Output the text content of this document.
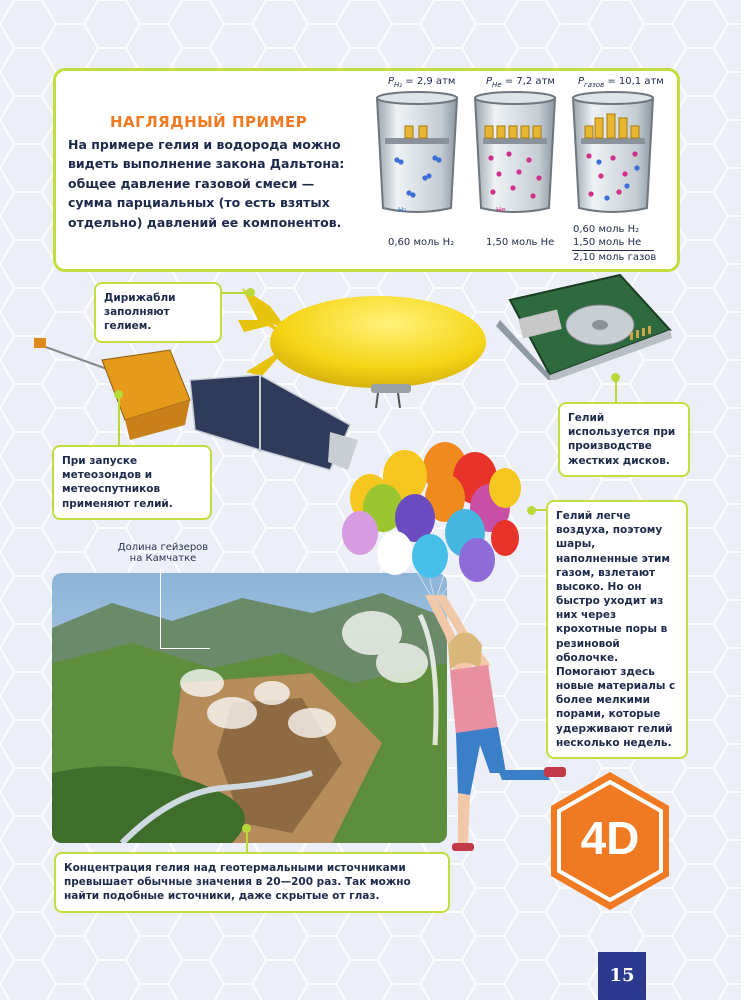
НАГЛЯДНЫЙ ПРИМЕР
На примере гелия и водорода можно видеть выполнение закона Дальтона: общее давление газовой смеси — сумма парциальных (то есть взятых отдельно) давлений ее компонентов.
$P_{H_2} = 2,9$ атм	$P_{He} = 7,2$ атм $P_{газов} = 10,1$ атм
H₂	He
0,60 моль H₂	1,50 моль He
0,60 моль H₂
1,50 моль He
2,10 моль газов
Долина гейзеров
на Камчатке
Дирижабли заполняют гелием.
При запуске метеозондов и метеоспутников применяют гелий.
Гелий используется при производстве жестких дисков.
Гелий легче воздуха, поэтому шары, наполненные этим газом, взлетают высоко. Но он быстро уходит из них через крохотные поры в резиновой оболочке. Помогают здесь новые материалы с более мелкими порами, которые удерживают гелий несколько недель.
Концентрация гелия над геотермальными источниками превышает обычные значения в 20—200 раз. Так можно найти подобные источники, даже скрытые от глаз.
4D
15
